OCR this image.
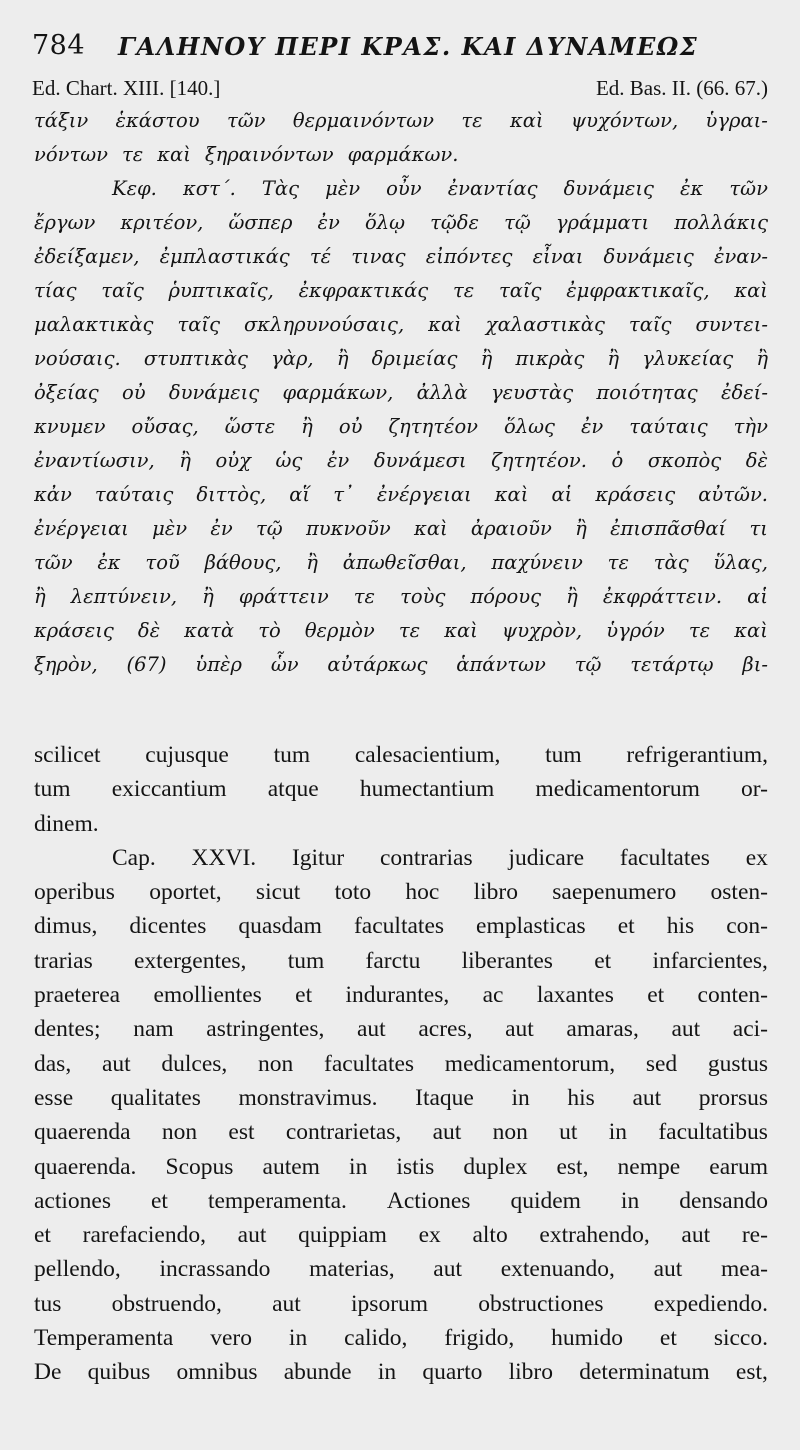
784 ΓΑΛΗΝΟΥ ΠΕΡΙ ΚΡΑΣ. ΚΑΙ ΔΥΝΑΜΕΩΣ
Ed. Chart. XIII. [140.]	Ed. Bas. II. (66. 67.)
τάξιν ἑκάστου τῶν θερμαινόντων τε καὶ ψυχόντων, ὑγραι-
νόντων τε καὶ ξηραινόντων φαρμάκων.
Κεφ. κστ΄. Τὰς μὲν οὖν ἐναντίας δυνάμεις ἐκ τῶν
ἔργων κριτέον, ὥσπερ ἐν ὅλῳ τῷδε τῷ γράμματι πολλάκις
ἐδείξαμεν, ἐμπλαστικάς τέ τινας εἰπόντες εἶναι δυνάμεις ἐναν-
τίας ταῖς ῥυπτικαῖς, ἐκφρακτικάς τε ταῖς ἐμφρακτικαῖς, καὶ
μαλακτικὰς ταῖς σκληρυνούσαις, καὶ χαλαστικὰς ταῖς συντει-
νούσαις. στυπτικὰς γὰρ, ἢ δριμείας ἢ πικρὰς ἢ γλυκείας ἢ
ὀξείας οὐ δυνάμεις φαρμάκων, ἀλλὰ γευστὰς ποιότητας ἐδεί-
κνυμεν οὔσας, ὥστε ἢ οὐ ζητητέον ὅλως ἐν ταύταις τὴν
ἐναντίωσιν, ἢ οὐχ ὡς ἐν δυνάμεσι ζητητέον. ὁ σκοπὸς δὲ
κἀν ταύταις διττὸς, αἵ τ᾽ ἐνέργειαι καὶ αἱ κράσεις αὐτῶν.
ἐνέργειαι μὲν ἐν τῷ πυκνοῦν καὶ ἀραιοῦν ἢ ἐπισπᾶσθαί τι
τῶν ἐκ τοῦ βάθους, ἢ ἀπωθεῖσθαι, παχύνειν τε τὰς ὕλας,
ἢ λεπτύνειν, ἢ φράττειν τε τοὺς πόρους ἢ ἐκφράττειν. αἱ
κράσεις δὲ κατὰ τὸ θερμὸν τε καὶ ψυχρὸν, ὑγρόν τε καὶ
ξηρὸν, (67) ὑπὲρ ὧν αὐτάρκως ἁπάντων τῷ τετάρτῳ βι-
scilicet cujusque tum calesacientium, tum refrigerantium,
tum exiccantium atque humectantium medicamentorum or-
dinem.
Cap. XXVI. Igitur contrarias judicare facultates ex
operibus oportet, sicut toto hoc libro saepenumero osten-
dimus, dicentes quasdam facultates emplasticas et his con-
trarias extergentes, tum farctu liberantes et infarcientes,
praeterea emollientes et indurantes, ac laxantes et conten-
dentes; nam astringentes, aut acres, aut amaras, aut aci-
das, aut dulces, non facultates medicamentorum, sed gustus
esse qualitates monstravimus. Itaque in his aut prorsus
quaerenda non est contrarietas, aut non ut in facultatibus
quaerenda. Scopus autem in istis duplex est, nempe earum
actiones et temperamenta. Actiones quidem in densando
et rarefaciendo, aut quippiam ex alto extrahendo, aut re-
pellendo, incrassando materias, aut extenuando, aut mea-
tus obstruendo, aut ipsorum obstructiones expediendo.
Temperamenta vero in calido, frigido, humido et sicco.
De quibus omnibus abunde in quarto libro determinatum est,
